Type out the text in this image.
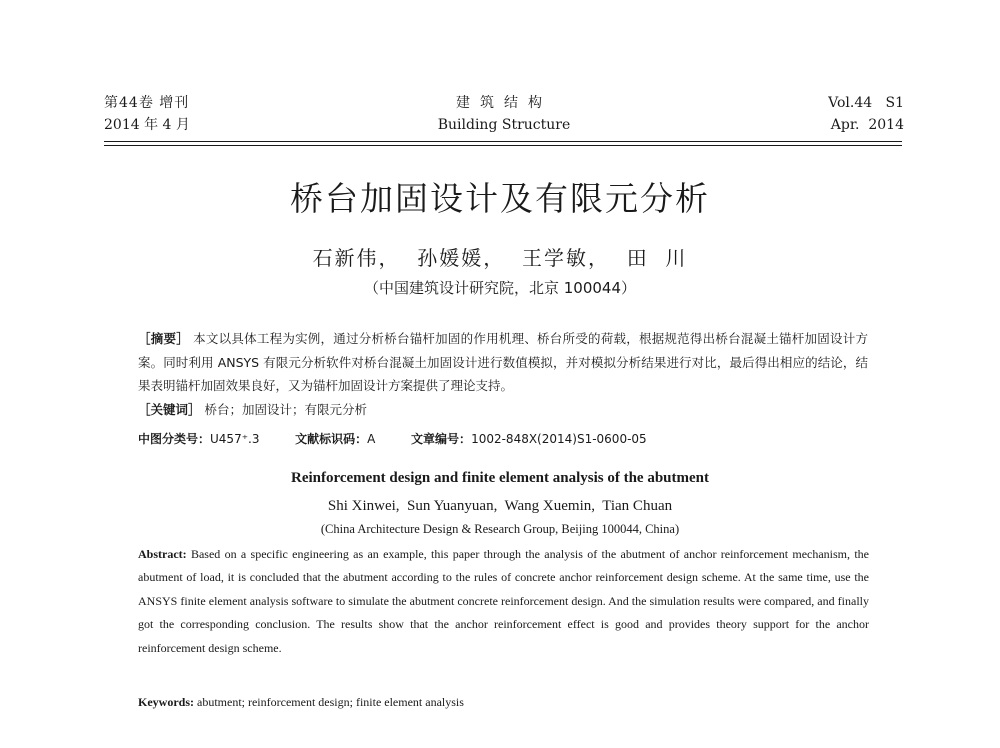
第44卷 增刊
2014 年 4 月
建筑结构
Building Structure
Vol.44   S1
Apr.  2014
桥台加固设计及有限元分析
石新伟，  孙媛媛，  王学敏，  田  川
（中国建筑设计研究院，北京 100044）
［摘要］ 本文以具体工程为实例，通过分析桥台锚杆加固的作用机理、桥台所受的荷载，根据规范得出桥台混凝土锚杆加固设计方案。同时利用 ANSYS 有限元分析软件对桥台混凝土加固设计进行数值模拟，并对模拟分析结果进行对比，最后得出相应的结论，结果表明锚杆加固效果良好，又为锚杆加固设计方案提供了理论支持。
［关键词］ 桥台；加固设计；有限元分析
中图分类号：U457⁺.3	文献标识码：A	文章编号：1002-848X(2014)S1-0600-05
Reinforcement design and finite element analysis of the abutment
Shi Xinwei,  Sun Yuanyuan,  Wang Xuemin,  Tian Chuan
(China Architecture Design & Research Group, Beijing 100044, China)
Abstract: Based on a specific engineering as an example, this paper through the analysis of the abutment of anchor reinforcement mechanism, the abutment of load, it is concluded that the abutment according to the rules of concrete anchor reinforcement design scheme. At the same time, use the ANSYS finite element analysis software to simulate the abutment concrete reinforcement design. And the simulation results were compared, and finally got the corresponding conclusion. The results show that the anchor reinforcement effect is good and provides theory support for the anchor reinforcement design scheme.
Keywords: abutment; reinforcement design; finite element analysis
